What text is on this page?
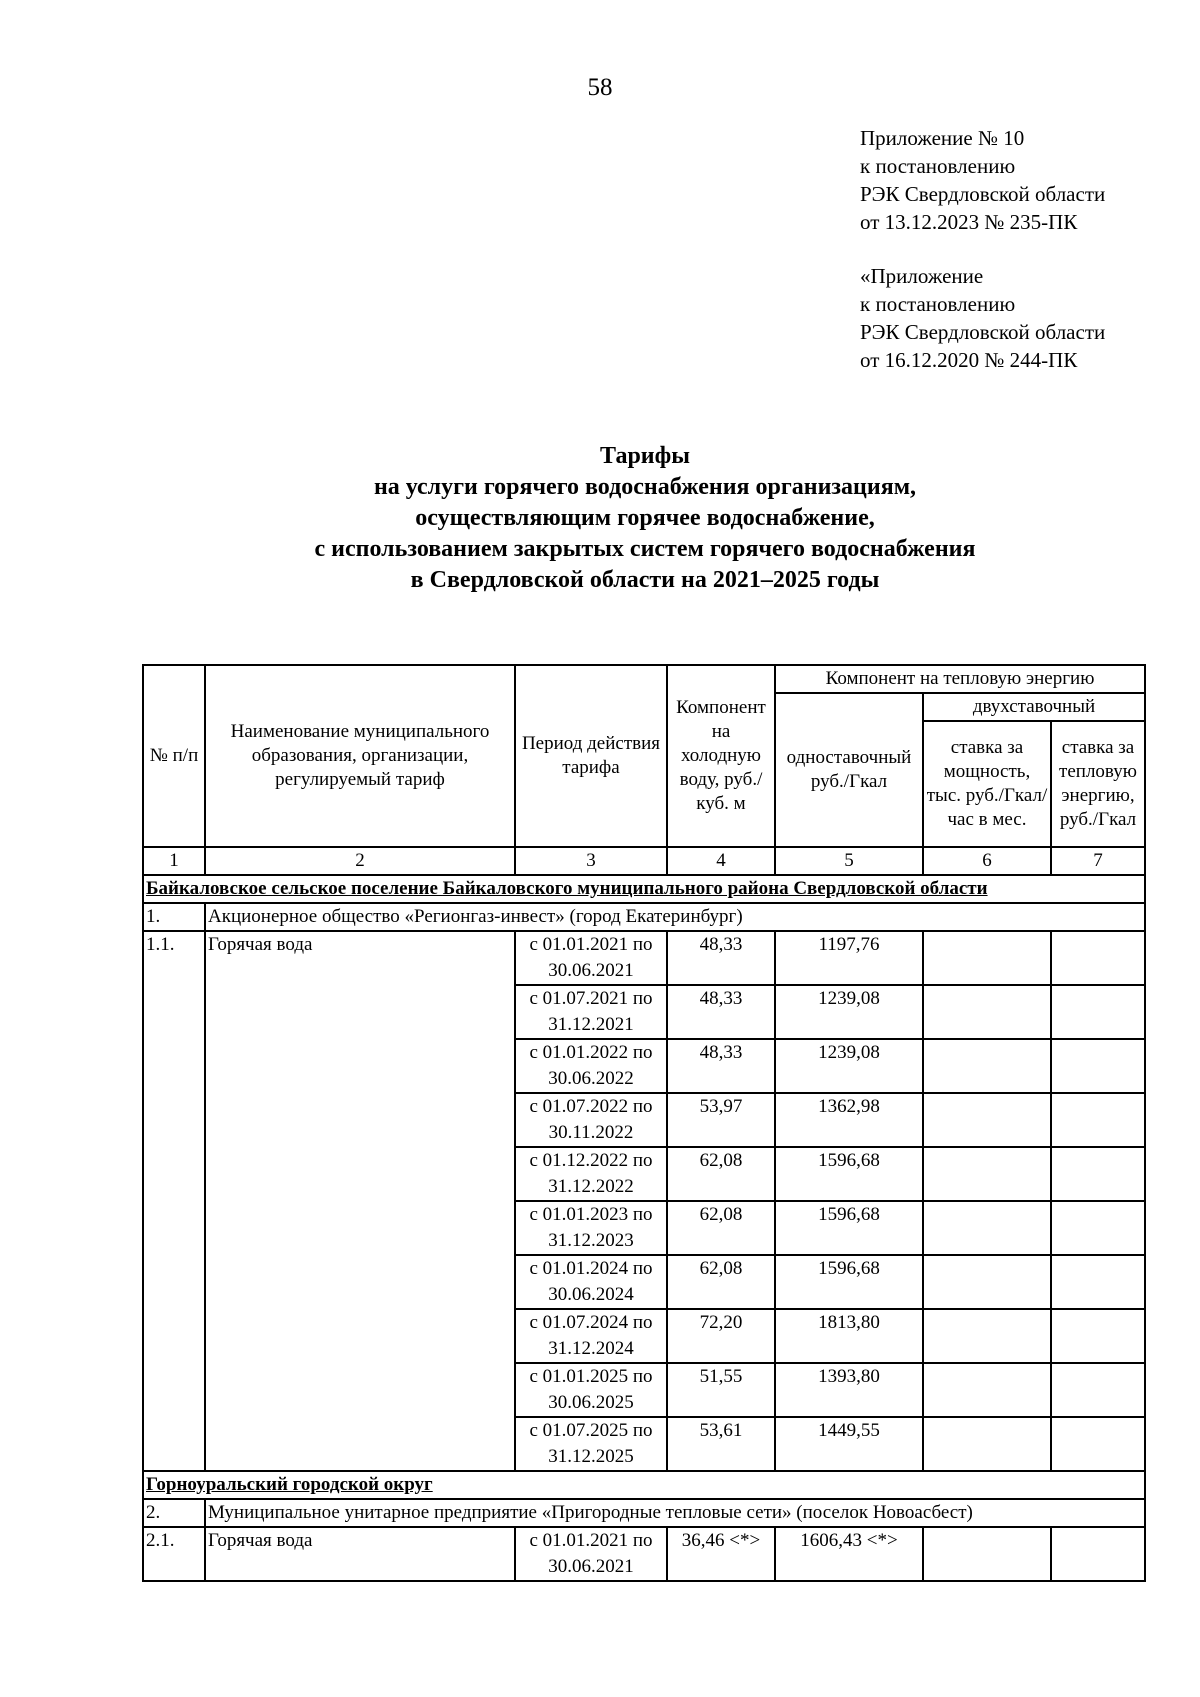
58
Приложение № 10
к постановлению
РЭК Свердловской области
от 13.12.2023 № 235-ПК
«Приложение
к постановлению
РЭК Свердловской области
от 16.12.2020 № 244-ПК
Тарифы
на услуги горячего водоснабжения организациям,
осуществляющим горячее водоснабжение,
с использованием закрытых систем горячего водоснабжения
в Свердловской области на 2021–2025 годы
№ п/п	Наименование муниципального образования, организации, регулируемый тариф	Период действия тарифа	Компонент на холодную воду, руб./куб. м	Компонент на тепловую энергию		
				одноставочный руб./Гкал	двухставочный	
					ставка за мощность, тыс. руб./Гкал/час в мес.	ставка за тепловую энергию, руб./Гкал
1	2	3	4	5	6	7
Байкаловское сельское поселение Байкаловского муниципального района Свердловской области						
1.	Акционерное общество «Регионгаз-инвест» (город Екатеринбург)					
1.1.	Горячая вода	с 01.01.2021 по
30.06.2021	48,33	1197,76		
		с 01.07.2021 по
31.12.2021	48,33	1239,08		
		с 01.01.2022 по
30.06.2022	48,33	1239,08		
		с 01.07.2022 по
30.11.2022	53,97	1362,98		
		с 01.12.2022 по
31.12.2022	62,08	1596,68		
		с 01.01.2023 по
31.12.2023	62,08	1596,68		
		с 01.01.2024 по
30.06.2024	62,08	1596,68		
		с 01.07.2024 по
31.12.2024	72,20	1813,80		
		с 01.01.2025 по
30.06.2025	51,55	1393,80		
		с 01.07.2025 по
31.12.2025	53,61	1449,55		
Горноуральский городской округ						
2.	Муниципальное унитарное предприятие «Пригородные тепловые сети» (поселок Новоасбест)					
2.1.	Горячая вода	с 01.01.2021 по
30.06.2021	36,46 <*>	1606,43 <*>		
